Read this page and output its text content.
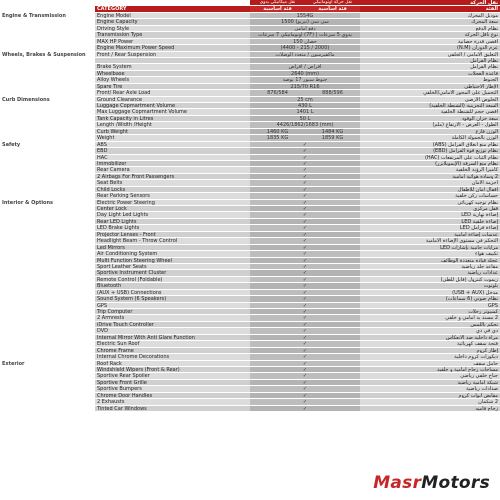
نقل ميكانيكي يدوي	نقل حركة أوتوماتيكي	نقل الحركة
CATEGORY	فئة أساسية	فئة أساسية	الفئة
Engine & Transmission	Engine Model	1554G	موديل المحرك
Engine Capacity	1500 سي سي (تيربو)	سعة المحرك
Driving Style	دفع أمامي	نظام الدفع
Transmission Type	أوتوماتيكي 7 سرعات (7F) | يدوي 5 سرعات	نوع ناقل الحركة
MAX HP Power	150 حصان	أقصى قدرة حصانية
Engine Maximum Power Speed	(4400 - 215 / 2000)	عزم الدوران (N.M)
Wheels, Brakes & Suspension	Front / Rear Suspension	ماكفيرسون / متعدد الوصلات	التعليق الأمامي / الخلفي
نظام الفرامل
Brake System	أقراص / أقراص	نظام الفرامل
Wheelbase	2640 (mm)	قاعدة العجلات
Alloy Wheels	جنوط سبور 17 بوصة	الجنوط
Spare Tire	215/70 R16	الإطار الاحتياطي
Front/ Rear Axle Load	876/584	888/596	التحميل على المحور الأمامي/الخلفي
Curb Dimensions	Ground Clearance	25 cm	الخلوص الأرضي
Luggage Copmartment Volume	430 L	السعة التخزينية (الشنطة الخلفية)
Max Luggage Copmartment Volume	1401 L	أقصى حجم للشنطة الخلفية
Tank Capacity in Litres	50 L	سعة خزان الوقود
Length /Width /Height	4426/1862/1683 (mm)	الطول - العرض - الارتفاع (ملم)
Curb Weight	1460 KG	1484 KG	الوزن فارغ
Weight	1835 KG	1859 KG	الوزن بالحمولة الكاملة
Safety	ABS	✓	نظام منع انغلاق الفرامل (ABS)
EBD	✓	نظام توزيع قوة الفرامل (EBD)
HAC	✓	نظام الثبات على المرتفعات (HAC)
Immobilizer	✓	نظام منع السرقة (الإيموبلايزر)
Rear Camera	✓	كاميرا الرؤية الخلفية
2 Airbags For Front Passengers	✓	2 وسادة هوائية أمامية
Seat Belts	✓	أحزمة الأمان
Child Locks	✓	أقفال أمان للأطفال
Rear Parking Sensors	✓	حساسات ركن خلفية
Interior & Options	Electric Power Steering	✓	نظام توجيه كهربائي
Center Lock	✓	قفل مركزي
Day Light Led Lights	✓	إضاءة نهارية LED
Rear LED Lights	✓	إضاءة خلفية LED
LED Brake Lights	✓	إضاءة فرامل LED
Projector Lenses - Front	✓	عدسات إضاءة أمامية
Headlight Beam - Throw Control	✓	التحكم في مستوى الإضاءة الأمامية
Led Mirrors	✓	مرايات جانبية بإشارات LED
Air Conditioning System	✓	تكييف هواء
Multi Function Steering Wheel	✓	عجلة قيادة متعددة الوظائف
Sport Leather Seats	✓	مقاعد جلد رياضية
Sportive Instrument Cluster	✓	عدادات رياضية
Remote Control (Foldable)	✓	ريموت كنترول (قابل للطي)
Bluetooth	✓	بلوتوث
(AUX + USB) Connections	✓	مدخل (USB + AUX)
Sound System (6 Speakers)	✓	نظام صوتي (6 سماعات)
GPS	✓	GPS
Trip Computer	✓	كمبيوتر رحلات
2 Armrests	✓	2 مسند يد أمامي و خلفي
iDrive Touch Controller	✓	تحكم باللمس
DVD	✓	دي في دي
Internal Mirror With Anti Glare Function	✓	مرآة داخلية ضد الانعكاس
Electric Sun Roof	✓	فتحة سقف كهربائية
Chrome Frame	✓	إطار كروم
Internal Chrome Decorations	✓	ديكورات كروم داخلية
Exterior	Roof Rack	✓	حامل سقف
Windshield Wipers (Front & Rear)	✓	مساحات زجاج أمامية و خلفية
Sportive Rear Spoiler	✓	جناح خلفي رياضي
Sportive Front Grille	✓	شبكة أمامية رياضية
Sportive Bumpers	✓	صدادات رياضية
Chrome Door Handles	✓	مقابض أبواب كروم
2 Exhausts	✓	2 شكمان
Tinted Car Windows	✓	زجاج فاميه
MasrMotors
